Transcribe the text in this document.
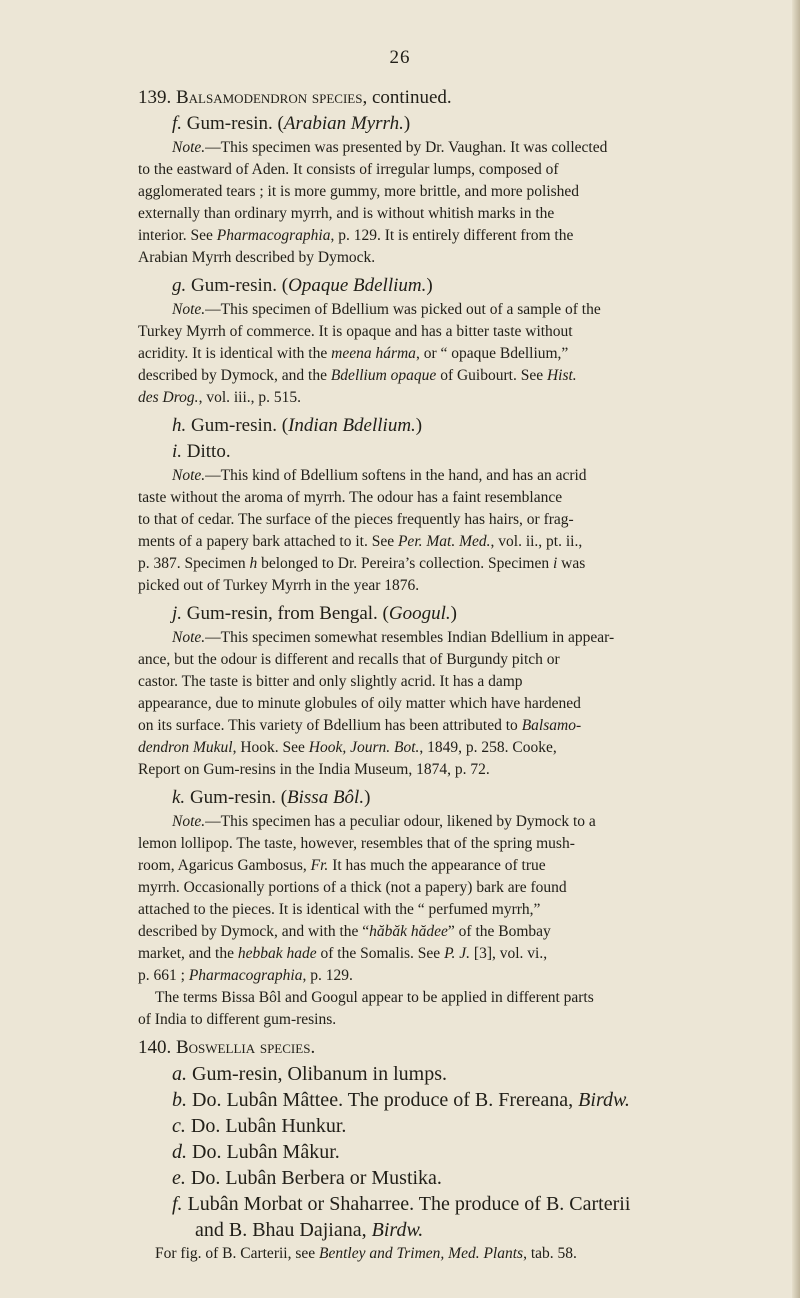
26
139. Balsamodendron species, continued.
f. Gum-resin. (Arabian Myrrh.)
Note.—This specimen was presented by Dr. Vaughan. It was collected
to the eastward of Aden. It consists of irregular lumps, composed of
agglomerated tears ; it is more gummy, more brittle, and more polished
externally than ordinary myrrh, and is without whitish marks in the
interior. See Pharmacographia, p. 129. It is entirely different from the
Arabian Myrrh described by Dymock.
g. Gum-resin. (Opaque Bdellium.)
Note.—This specimen of Bdellium was picked out of a sample of the
Turkey Myrrh of commerce. It is opaque and has a bitter taste without
acridity. It is identical with the meena hárma, or “ opaque Bdellium,”
described by Dymock, and the Bdellium opaque of Guibourt. See Hist.
des Drog., vol. iii., p. 515.
h. Gum-resin. (Indian Bdellium.)
i. Ditto.
Note.—This kind of Bdellium softens in the hand, and has an acrid
taste without the aroma of myrrh. The odour has a faint resemblance
to that of cedar. The surface of the pieces frequently has hairs, or frag-
ments of a papery bark attached to it. See Per. Mat. Med., vol. ii., pt. ii.,
p. 387. Specimen h belonged to Dr. Pereira’s collection. Specimen i was
picked out of Turkey Myrrh in the year 1876.
j. Gum-resin, from Bengal. (Googul.)
Note.—This specimen somewhat resembles Indian Bdellium in appear-
ance, but the odour is different and recalls that of Burgundy pitch or
castor. The taste is bitter and only slightly acrid. It has a damp
appearance, due to minute globules of oily matter which have hardened
on its surface. This variety of Bdellium has been attributed to Balsamo-
dendron Mukul, Hook. See Hook, Journ. Bot., 1849, p. 258. Cooke,
Report on Gum-resins in the India Museum, 1874, p. 72.
k. Gum-resin. (Bissa Bôl.)
Note.—This specimen has a peculiar odour, likened by Dymock to a
lemon lollipop. The taste, however, resembles that of the spring mush-
room, Agaricus Gambosus, Fr. It has much the appearance of true
myrrh. Occasionally portions of a thick (not a papery) bark are found
attached to the pieces. It is identical with the “ perfumed myrrh,”
described by Dymock, and with the “hăbăk hădee” of the Bombay
market, and the hebbak hade of the Somalis. See P. J. [3], vol. vi.,
p. 661 ; Pharmacographia, p. 129.
The terms Bissa Bôl and Googul appear to be applied in different parts
of India to different gum-resins.
140. Boswellia species.
a. Gum-resin, Olibanum in lumps.
b. Do. Lubân Mâttee. The produce of B. Frereana, Birdw.
c. Do. Lubân Hunkur.
d. Do. Lubân Mâkur.
e. Do. Lubân Berbera or Mustika.
f. Lubân Morbat or Shaharree. The produce of B. Carterii
and B. Bhau Dajiana, Birdw.
For fig. of B. Carterii, see Bentley and Trimen, Med. Plants, tab. 58.
